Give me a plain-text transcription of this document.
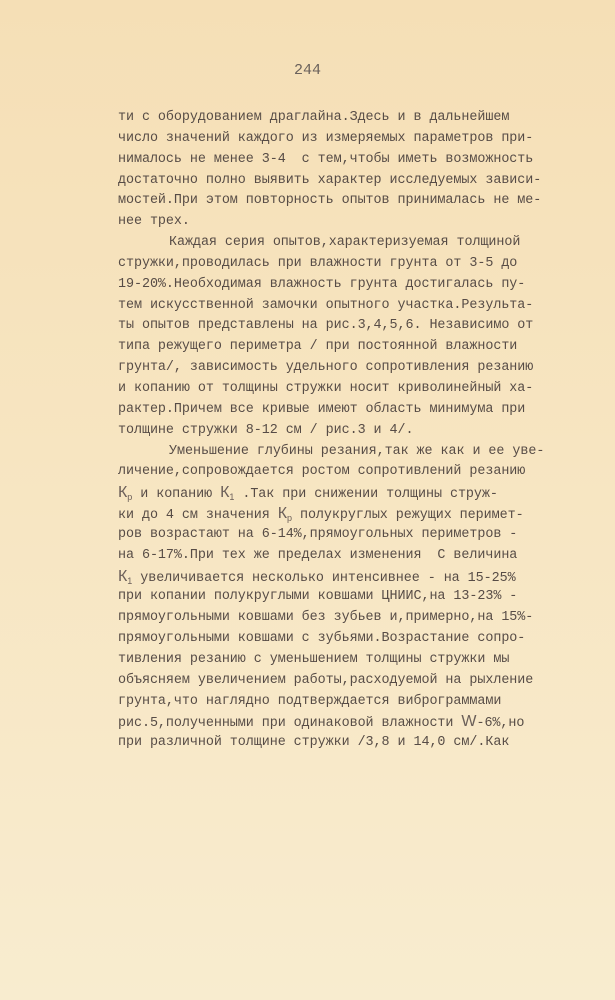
244
ти с оборудованием драглайна.Здесь и в дальнейшем
число значений каждого из измеряемых параметров при-
нималось не менее 3-4  с тем,чтобы иметь возможность
достаточно полно выявить характер исследуемых зависи-
мостей.При этом повторность опытов принималась не ме-
нее трех.
Каждая серия опытов,характеризуемая толщиной
стружки,проводилась при влажности грунта от 3-5 до
19-20%.Необходимая влажность грунта достигалась пу-
тем искусственной замочки опытного участка.Результа-
ты опытов представлены на рис.3,4,5,6. Независимо от
типа режущего периметра / при постоянной влажности
грунта/, зависимость удельного сопротивления резанию
и копанию от толщины стружки носит криволинейный ха-
рактер.Причем все кривые имеют область минимума при
толщине стружки 8-12 см / рис.3 и 4/.
Уменьшение глубины резания,так же как и ее уве-
личение,сопровождается ростом сопротивлений резанию
$К_р$ и копанию $К_1$ .Так при снижении толщины струж-
ки до 4 см значения $К_р$ полукруглых режущих перимет-
ров возрастают на 6-14%,прямоугольных периметров -
на 6-17%.При тех же пределах изменения  С величина
$К_1$ увеличивается несколько интенсивнее - на 15-25%
при копании полукруглыми ковшами ЦНИИС,на 13-23% -
прямоугольными ковшами без зубьев и,примерно,на 15%-
прямоугольными ковшами с зубьями.Возрастание сопро-
тивления резанию с уменьшением толщины стружки мы
объясняем увеличением работы,расходуемой на рыхление
грунта,что наглядно подтверждается виброграммами
рис.5,полученными при одинаковой влажности W-6%,но
при различной толщине стружки /3,8 и 14,0 см/.Как
